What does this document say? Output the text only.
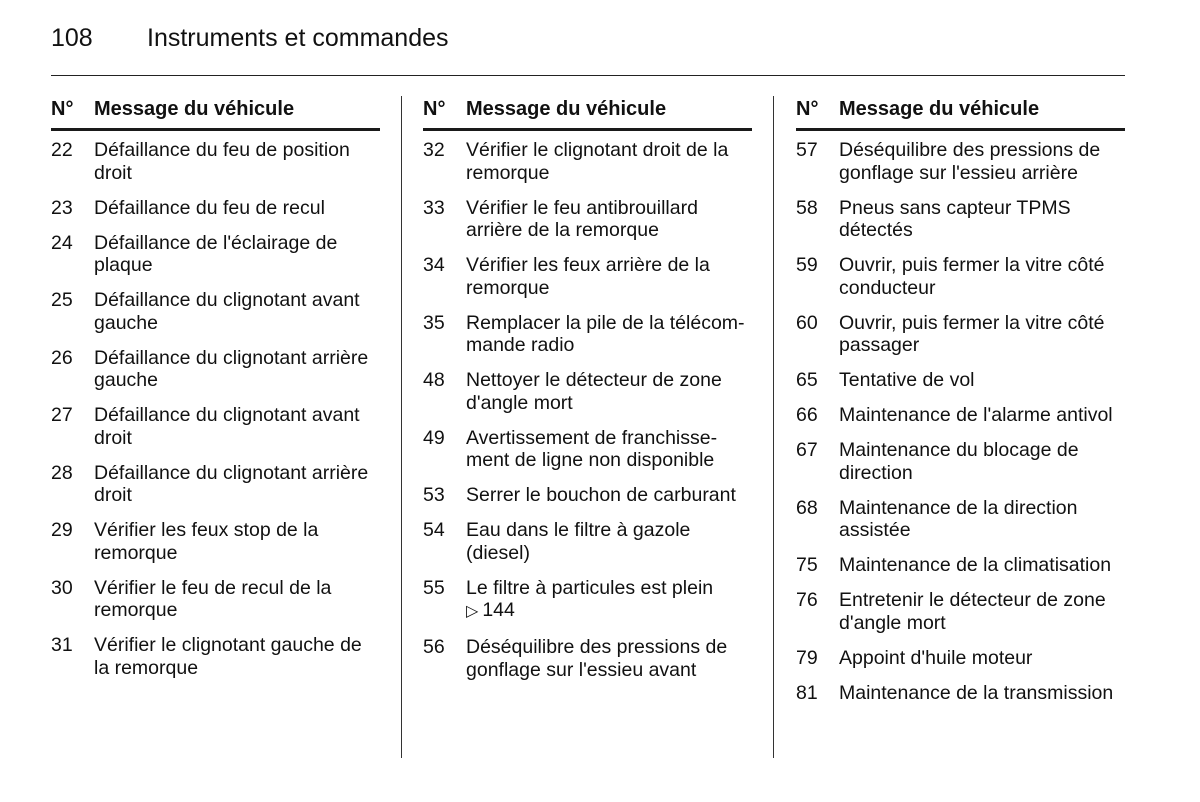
108	Instruments et commandes
N°	Message du véhicule
22	Défaillance du feu de position
droit
23	Défaillance du feu de recul
24	Défaillance de l'éclairage de
plaque
25	Défaillance du clignotant avant
gauche
26	Défaillance du clignotant arrière
gauche
27	Défaillance du clignotant avant
droit
28	Défaillance du clignotant arrière
droit
29	Vérifier les feux stop de la
remorque
30	Vérifier le feu de recul de la
remorque
31	Vérifier le clignotant gauche de
la remorque
N°	Message du véhicule
32	Vérifier le clignotant droit de la
remorque
33	Vérifier le feu antibrouillard
arrière de la remorque
34	Vérifier les feux arrière de la
remorque
35	Remplacer la pile de la télécom-
mande radio
48	Nettoyer le détecteur de zone
d'angle mort
49	Avertissement de franchisse-
ment de ligne non disponible
53	Serrer le bouchon de carburant
54	Eau dans le filtre à gazole
(diesel)
55	Le filtre à particules est plein
▷ 144
56	Déséquilibre des pressions de
gonflage sur l'essieu avant
N°	Message du véhicule
57	Déséquilibre des pressions de
gonflage sur l'essieu arrière
58	Pneus sans capteur TPMS
détectés
59	Ouvrir, puis fermer la vitre côté
conducteur
60	Ouvrir, puis fermer la vitre côté
passager
65	Tentative de vol
66	Maintenance de l'alarme antivol
67	Maintenance du blocage de
direction
68	Maintenance de la direction
assistée
75	Maintenance de la climatisation
76	Entretenir le détecteur de zone
d'angle mort
79	Appoint d'huile moteur
81	Maintenance de la transmission
